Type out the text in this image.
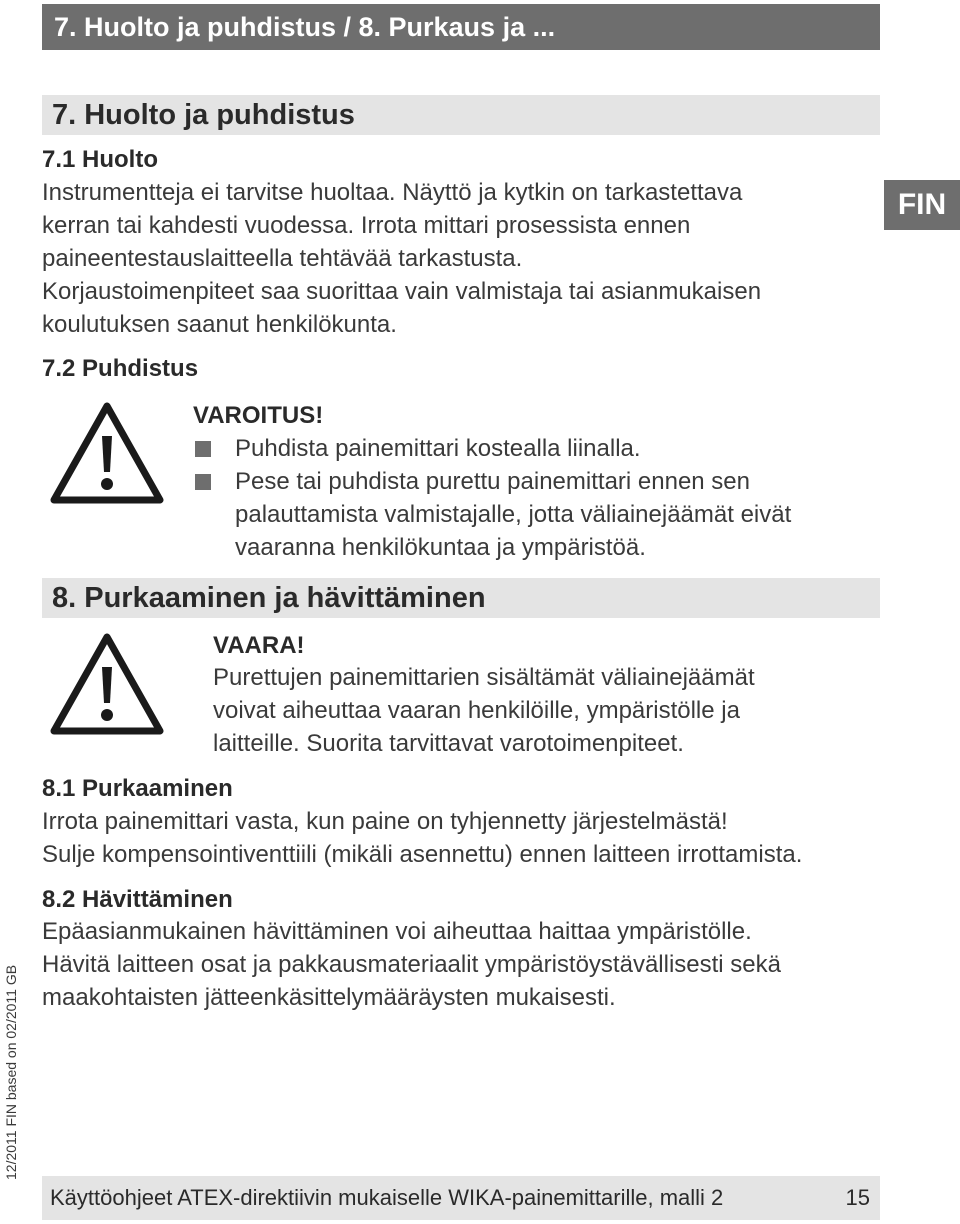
7. Huolto ja puhdistus / 8. Purkaus ja ...
FIN
7. Huolto ja puhdistus
7.1 Huolto

Instrumentteja ei tarvitse huoltaa. Näyttö ja kytkin on tarkastettava

kerran tai kahdesti vuodessa. Irrota mittari prosessista ennen

paineentestauslaitteella tehtävää tarkastusta.

Korjaustoimenpiteet saa suorittaa vain valmistaja tai asianmukaisen

koulutuksen saanut henkilökunta.

7.2 Puhdistus
VAROITUS!
Puhdista painemittari kostealla liinalla.
Pese tai puhdista purettu painemittari ennen sen
palauttamista valmistajalle, jotta väliainejäämät eivät
vaaranna henkilökuntaa ja ympäristöä.
8. Purkaaminen ja hävittäminen
VAARA!

Purettujen painemittarien sisältämät väliainejäämät

voivat aiheuttaa vaaran henkilöille, ympäristölle ja

laitteille. Suorita tarvittavat varotoimenpiteet.

8.1 Purkaaminen

Irrota painemittari vasta, kun paine on tyhjennetty järjestelmästä!

Sulje kompensointiventtiili (mikäli asennettu) ennen laitteen irrottamista.

8.2 Hävittäminen

Epäasianmukainen hävittäminen voi aiheuttaa haittaa ympäristölle.

Hävitä laitteen osat ja pakkausmateriaalit ympäristöystävällisesti sekä

maakohtaisten jätteenkäsittelymääräysten mukaisesti.

12/2011 FIN based on 02/2011 GB
Käyttöohjeet ATEX-direktiivin mukaiselle WIKA-painemittarille, malli 2	15
